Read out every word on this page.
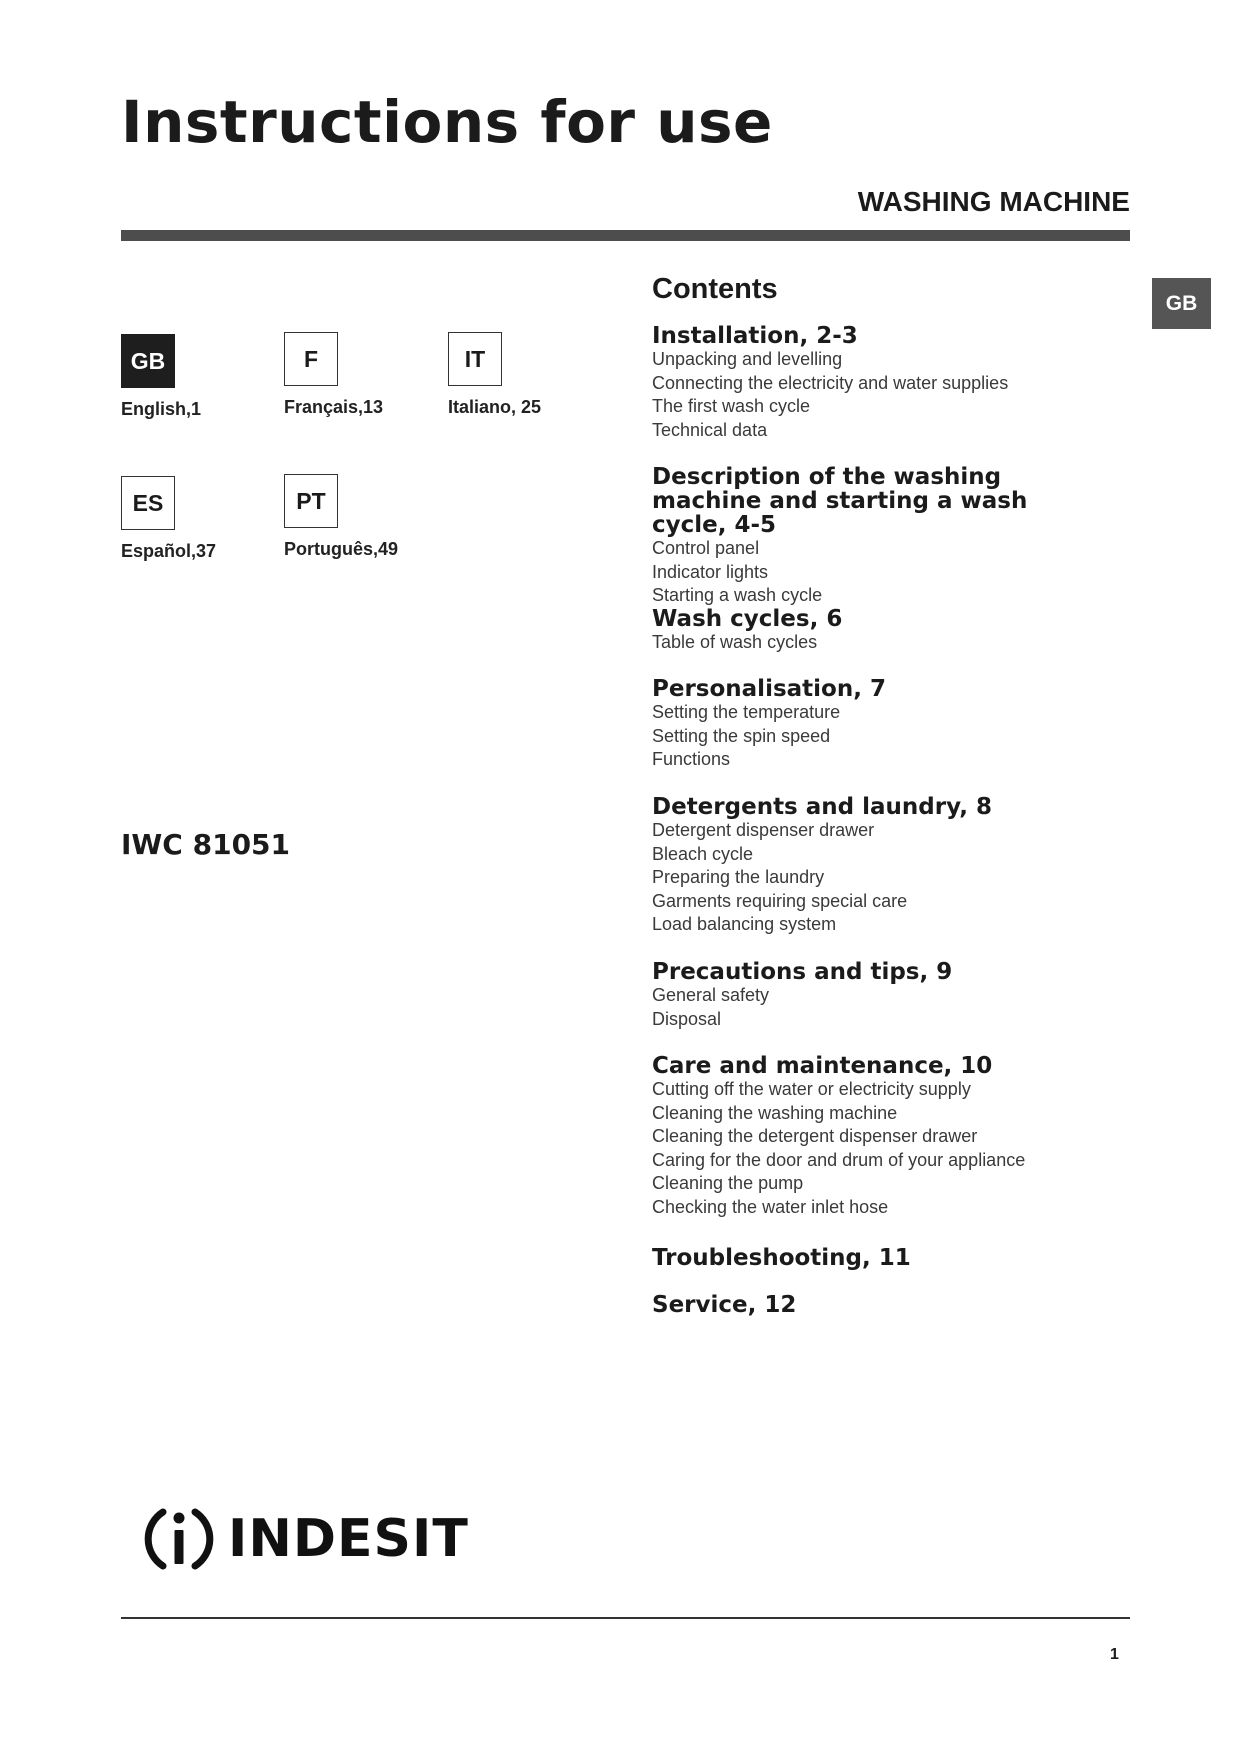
Instructions for use
WASHING MACHINE
GB
GB
English,1
F
Français,13
IT
Italiano, 25
ES
Español,37
PT
Português,49
IWC 81051
Contents
Installation, 2-3
Unpacking and levelling
Connecting the electricity and water supplies
The first wash cycle
Technical data
Description of the washing machine and starting a wash cycle, 4-5
Control panel
Indicator lights
Starting a wash cycle
Wash cycles, 6
Table of wash cycles
Personalisation, 7
Setting the temperature
Setting the spin speed
Functions
Detergents and laundry, 8
Detergent dispenser drawer
Bleach cycle
Preparing the laundry
Garments requiring special care
Load balancing system
Precautions and tips, 9
General safety
Disposal
Care and maintenance, 10
Cutting off the water or electricity supply
Cleaning the washing machine
Cleaning the detergent dispenser drawer
Caring for the door and drum of your appliance
Cleaning the pump
Checking the water inlet hose
Troubleshooting, 11
Service, 12
INDESIT
1
